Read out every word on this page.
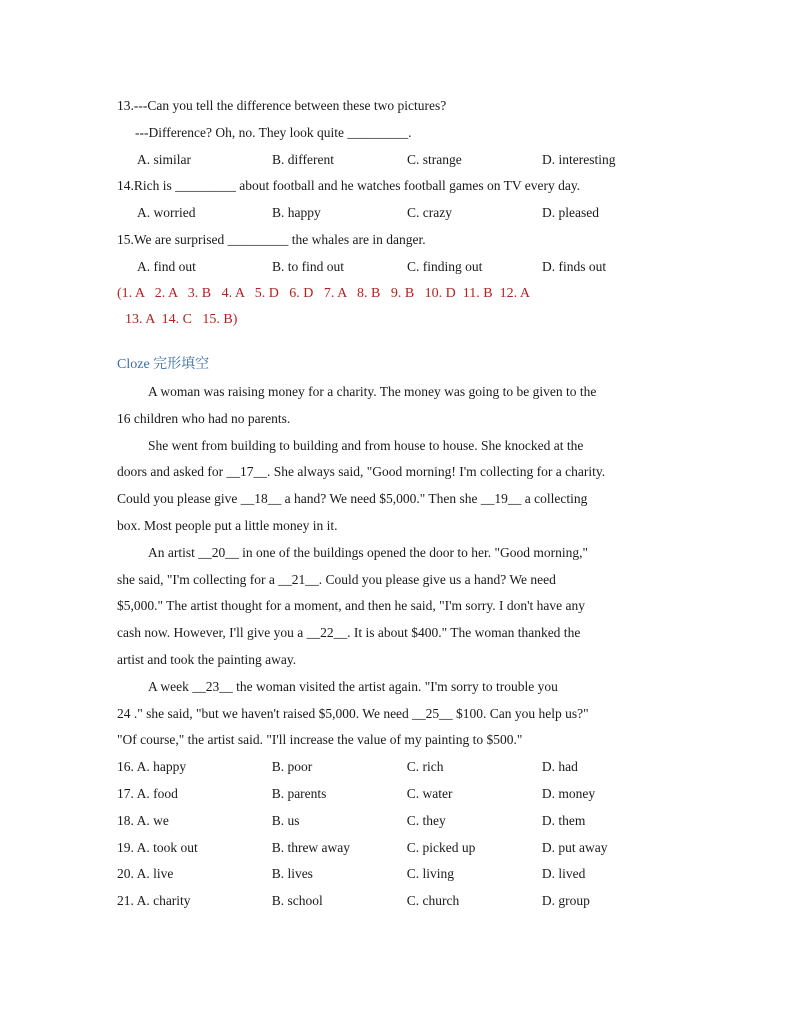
13.---Can you tell the difference between these two pictures?
---Difference? Oh, no. They look quite _________.
A. similar	B. different	C. strange	D. interesting
14.Rich is _________ about football and he watches football games on TV every day.
A. worried	B. happy	C. crazy	D. pleased
15.We are surprised _________ the whales are in danger.
A. find out	B. to find out	C. finding out	D. finds out
(1. A   2. A   3. B   4. A   5. D   6. D   7. A   8. B   9. B   10. D  11. B  12. A
13. A  14. C   15. B)
Cloze 完形填空
A woman was raising money for a charity. The money was going to be given to the
16 children who had no parents.
She went from building to building and from house to house. She knocked at the
doors and asked for __17__. She always said, "Good morning! I'm collecting for a charity.
Could you please give __18__ a hand? We need $5,000." Then she __19__ a collecting
box. Most people put a little money in it.
An artist __20__ in one of the buildings opened the door to her. "Good morning,"
she said, "I'm collecting for a __21__. Could you please give us a hand? We need
$5,000." The artist thought for a moment, and then he said, "I'm sorry. I don't have any
cash now. However, I'll give you a __22__. It is about $400." The woman thanked the
artist and took the painting away.
A week __23__ the woman visited the artist again. "I'm sorry to trouble you
24 ." she said, "but we haven't raised $5,000. We need __25__ $100. Can you help us?"
"Of course," the artist said. "I'll increase the value of my painting to $500."
16. A. happy	B. poor	C. rich	D. had
17. A. food	B. parents	C. water	D. money
18. A. we	B. us	C. they	D. them
19. A. took out	B. threw away	C. picked up	D. put away
20. A. live	B. lives	C. living	D. lived
21. A. charity	B. school	C. church	D. group
